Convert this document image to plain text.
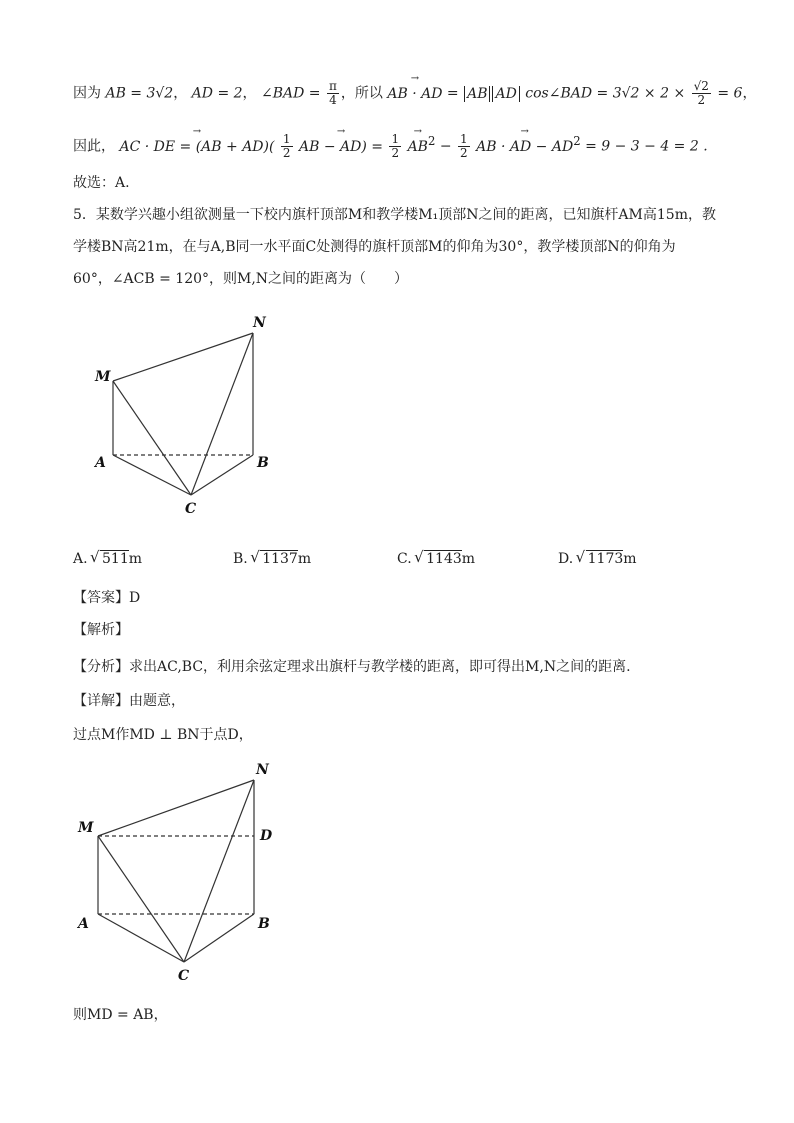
因为 AB = 3√2， AD = 2， ∠BAD = $\frac{\pi}{4}$ ，所以 → AB · AD = AB AD cos∠BAD = $3√2 \times 2 \times \frac{√2}{2} = 6$，
因此， → AC · DE = $(AB + AD)( \frac{1}{2}$
→ AB − $AD) = \frac{1}{2}$
→ $AB^2 - \frac{1}{2}$
→ AB · AD − $AD^2 = 9 - 3 - 4 = 2$ .
故选：A.
5．某数学兴趣小组欲测量一下校内旗杆顶部M和教学楼M₁顶部N之间的距离，已知旗杆AM高15m，教
学楼BN高21m，在与A,B同一水平面C处测得的旗杆顶部M的仰角为30°，教学楼顶部N的仰角为
60°，∠ACB = 120°，则M,N之间的距离为（　　）
N
M
A	B
C
A. √ 511m	B. √ 1137m	C. √ 1143m	D. √ 1173m
【答案】D
【解析】
【分析】求出AC,BC，利用余弦定理求出旗杆与教学楼的距离，即可得出M,N之间的距离.
【详解】由题意，
过点M作MD ⊥ BN于点D，
N
M	D
A	B
C
则MD = AB，
